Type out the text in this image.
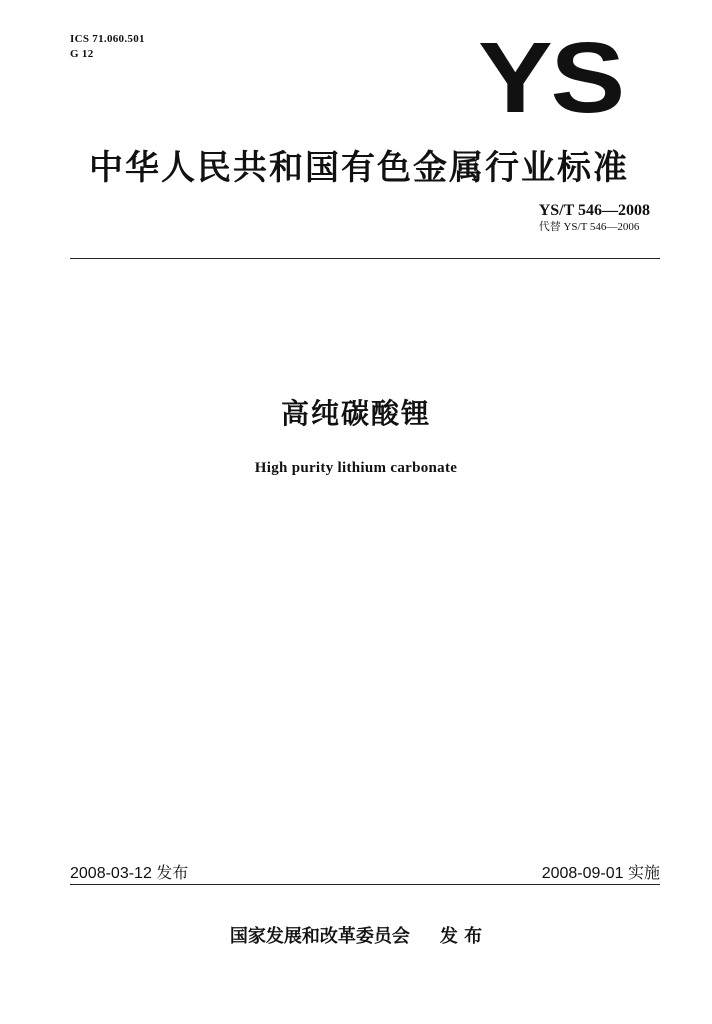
ICS 71.060.501
G 12	YS
中华人民共和国有色金属行业标准
YS/T 546—2008
代替 YS/T 546—2006
高纯碳酸锂
High purity lithium carbonate
2008-03-12 发布	2008-09-01 实施
国家发展和改革委员会 发 布
